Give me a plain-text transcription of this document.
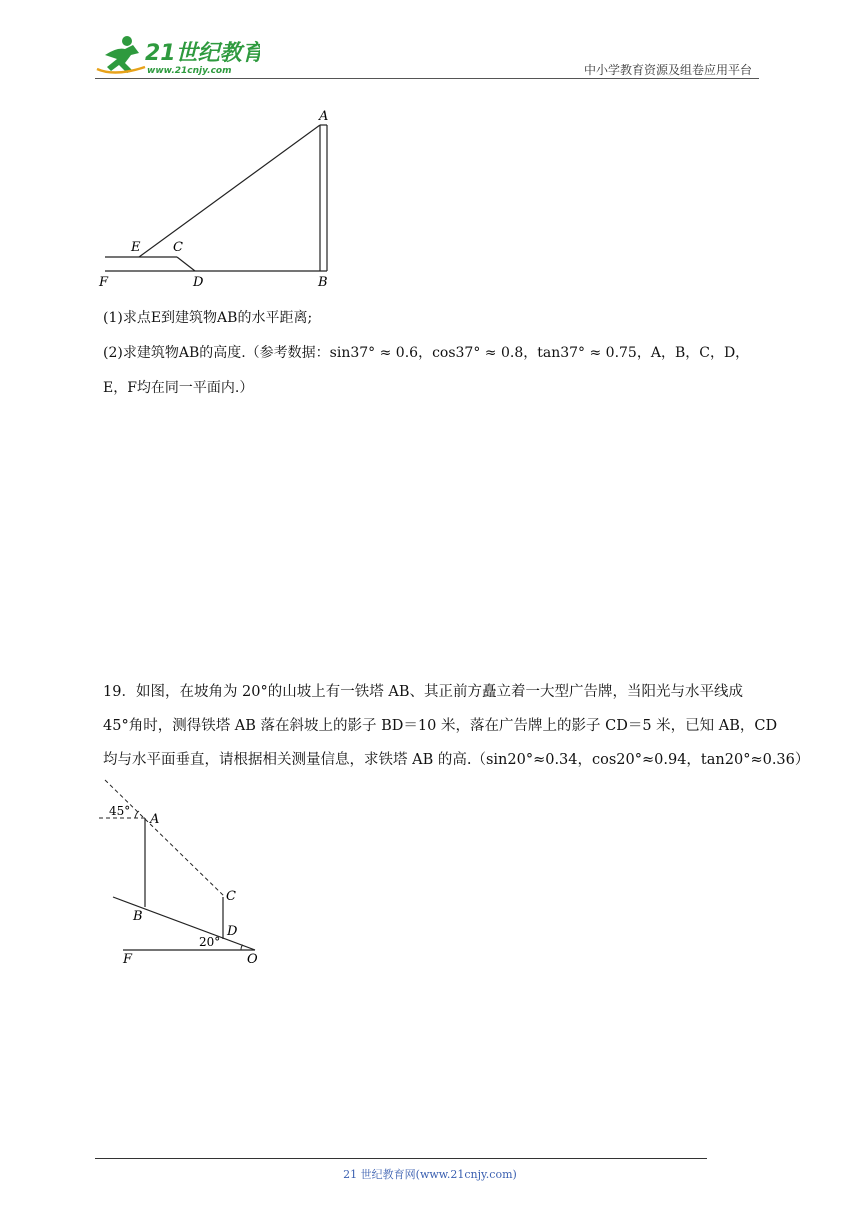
21世纪教育
www.21cnjy.com	中小学教育资源及组卷应用平台
A
B
C
D
E
F
(1)求点E到建筑物AB的水平距离;
(2)求建筑物AB的高度.（参考数据：sin37° ≈ 0.6，cos37° ≈ 0.8，tan37° ≈ 0.75，A，B，C，D，
E，F均在同一平面内.）
19．如图，在坡角为 20°的山坡上有一铁塔 AB、其正前方矗立着一大型广告牌，当阳光与水平线成
45°角时，测得铁塔 AB 落在斜坡上的影子 BD＝10 米，落在广告牌上的影子 CD＝5 米，已知 AB，CD
均与水平面垂直，请根据相关测量信息，求铁塔 AB 的高.（sin20°≈0.34，cos20°≈0.94，tan20°≈0.36）
45°
A
B
C
D
20°
F	O
21 世纪教育网(www.21cnjy.com)
